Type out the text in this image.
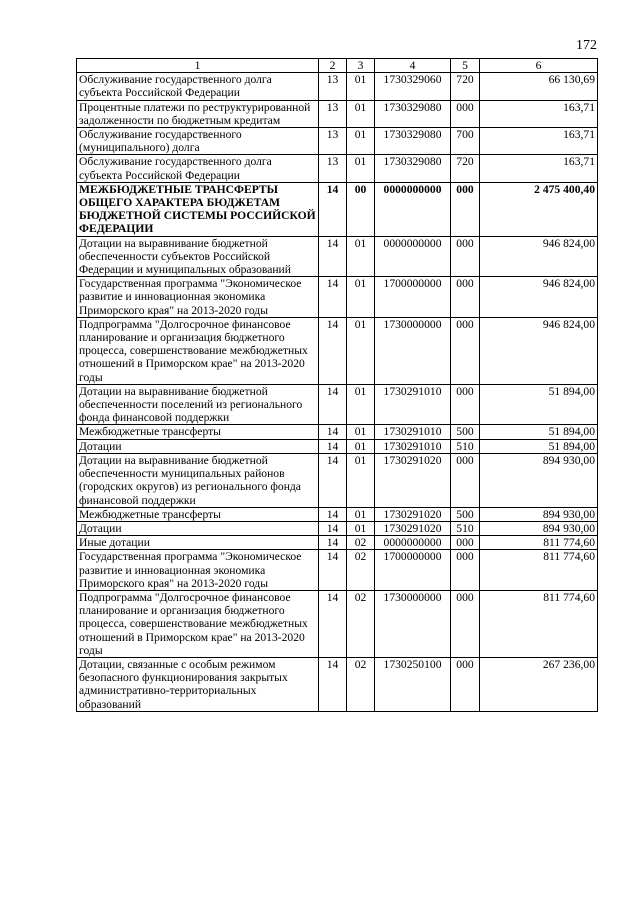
172
1	2	3	4	5	6
Обслуживание государственного долга субъекта Российской Федерации	13	01	1730329060	720	66 130,69
Процентные платежи по реструктурированной задолженности по бюджетным кредитам	13	01	1730329080	000	163,71
Обслуживание государственного (муниципального) долга	13	01	1730329080	700	163,71
Обслуживание государственного долга субъекта Российской Федерации	13	01	1730329080	720	163,71
МЕЖБЮДЖЕТНЫЕ ТРАНСФЕРТЫ ОБЩЕГО ХАРАКТЕРА БЮДЖЕТАМ БЮДЖЕТНОЙ СИСТЕМЫ РОССИЙСКОЙ ФЕДЕРАЦИИ	14	00	0000000000	000	2 475 400,40
Дотации на выравнивание бюджетной обеспеченности субъектов Российской Федерации и муниципальных образований	14	01	0000000000	000	946 824,00
Государственная программа "Экономическое развитие и инновационная экономика Приморского края" на 2013-2020 годы	14	01	1700000000	000	946 824,00
Подпрограмма "Долгосрочное финансовое планирование и организация бюджетного процесса, совершенствование межбюджетных отношений в Приморском крае" на 2013-2020 годы	14	01	1730000000	000	946 824,00
Дотации на выравнивание бюджетной обеспеченности поселений из регионального фонда финансовой поддержки	14	01	1730291010	000	51 894,00
Межбюджетные трансферты	14	01	1730291010	500	51 894,00
Дотации	14	01	1730291010	510	51 894,00
Дотации на выравнивание бюджетной обеспеченности муниципальных районов (городских округов) из регионального фонда финансовой поддержки	14	01	1730291020	000	894 930,00
Межбюджетные трансферты	14	01	1730291020	500	894 930,00
Дотации	14	01	1730291020	510	894 930,00
Иные дотации	14	02	0000000000	000	811 774,60
Государственная программа "Экономическое развитие и инновационная экономика Приморского края" на 2013-2020 годы	14	02	1700000000	000	811 774,60
Подпрограмма "Долгосрочное финансовое планирование и организация бюджетного процесса, совершенствование межбюджетных отношений в Приморском крае" на 2013-2020 годы	14	02	1730000000	000	811 774,60
Дотации, связанные с особым режимом безопасного функционирования закрытых административно-территориальных образований	14	02	1730250100	000	267 236,00
